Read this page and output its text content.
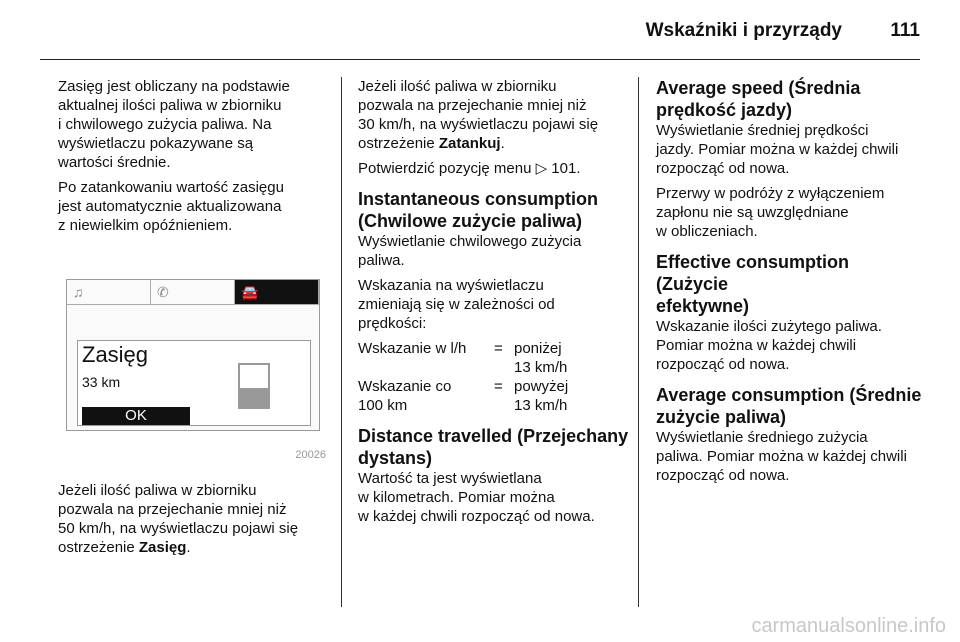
Wskaźniki i przyrządy	111
Zasięg jest obliczany na podstawie
aktualnej ilości paliwa w zbiorniku
i chwilowego zużycia paliwa. Na
wyświetlaczu pokazywane są
wartości średnie.
Po zatankowaniu wartość zasięgu
jest automatycznie aktualizowana
z niewielkim opóźnieniem.
♫	✆	🚘
Zasięg
33 km
OK
20026
Jeżeli ilość paliwa w zbiorniku
pozwala na przejechanie mniej niż
50 km/h, na wyświetlaczu pojawi się
ostrzeżenie Zasięg.
Jeżeli ilość paliwa w zbiorniku
pozwala na przejechanie mniej niż
30 km/h, na wyświetlaczu pojawi się
ostrzeżenie Zatankuj.
Potwierdzić pozycję menu ▷ 101.
Instantaneous consumption
(Chwilowe zużycie paliwa)
Wyświetlanie chwilowego zużycia
paliwa.
Wskazania na wyświetlaczu
zmieniają się w zależności od
prędkości:
Wskazanie w l/h	= poniżej
13 km/h
Wskazanie co	= powyżej
100 km	13 km/h
Distance travelled (Przejechany
dystans)
Wartość ta jest wyświetlana
w kilometrach. Pomiar można
w każdej chwili rozpocząć od nowa.
Average speed (Średnia
prędkość jazdy)
Wyświetlanie średniej prędkości
jazdy. Pomiar można w każdej chwili
rozpocząć od nowa.
Przerwy w podróży z wyłączeniem
zapłonu nie są uwzględniane
w obliczeniach.
Effective consumption (Zużycie
efektywne)
Wskazanie ilości zużytego paliwa.
Pomiar można w każdej chwili
rozpocząć od nowa.
Average consumption (Średnie
zużycie paliwa)
Wyświetlanie średniego zużycia
paliwa. Pomiar można w każdej chwili
rozpocząć od nowa.
carmanualsonline.info
